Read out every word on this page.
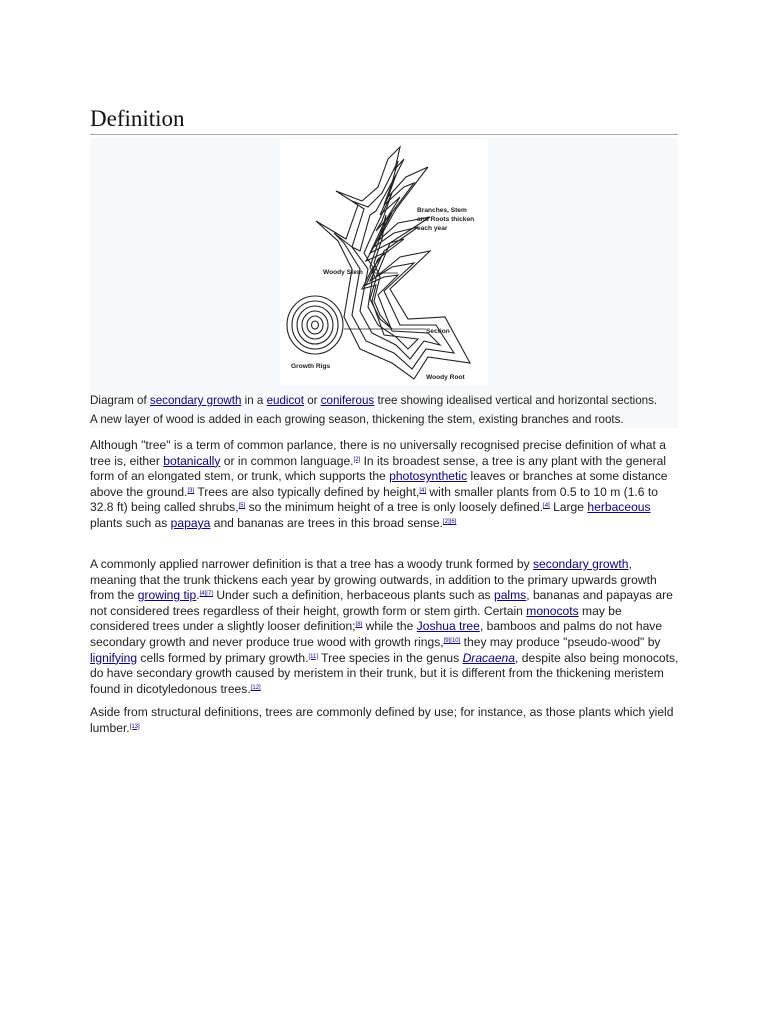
Definition
Branches, Stem
and Roots thicken
each year
Woody Stem
Section
Growth Rigs
Woody Root
Diagram of secondary growth in a eudicot or coniferous tree showing idealised vertical and horizontal sections.
A new layer of wood is added in each growing season, thickening the stem, existing branches and roots.
Although "tree" is a term of common parlance, there is no universally recognised precise definition of what a tree is, either botanically or in common language.[2] In its broadest sense, a tree is any plant with the general form of an elongated stem, or trunk, which supports the photosynthetic leaves or branches at some distance above the ground.[3] Trees are also typically defined by height,[4] with smaller plants from 0.5 to 10 m (1.6 to 32.8 ft) being called shrubs,[5] so the minimum height of a tree is only loosely defined.[4] Large herbaceous plants such as papaya and bananas are trees in this broad sense.[2][6]
A commonly applied narrower definition is that a tree has a woody trunk formed by secondary growth, meaning that the trunk thickens each year by growing outwards, in addition to the primary upwards growth from the growing tip.[4][7] Under such a definition, herbaceous plants such as palms, bananas and papayas are not considered trees regardless of their height, growth form or stem girth. Certain monocots may be considered trees under a slightly looser definition;[8] while the Joshua tree, bamboos and palms do not have secondary growth and never produce true wood with growth rings,[9][10] they may produce "pseudo-wood" by lignifying cells formed by primary growth.[11] Tree species in the genus Dracaena, despite also being monocots, do have secondary growth caused by meristem in their trunk, but it is different from the thickening meristem found in dicotyledonous trees.[12]
Aside from structural definitions, trees are commonly defined by use; for instance, as those plants which yield lumber.[13]
